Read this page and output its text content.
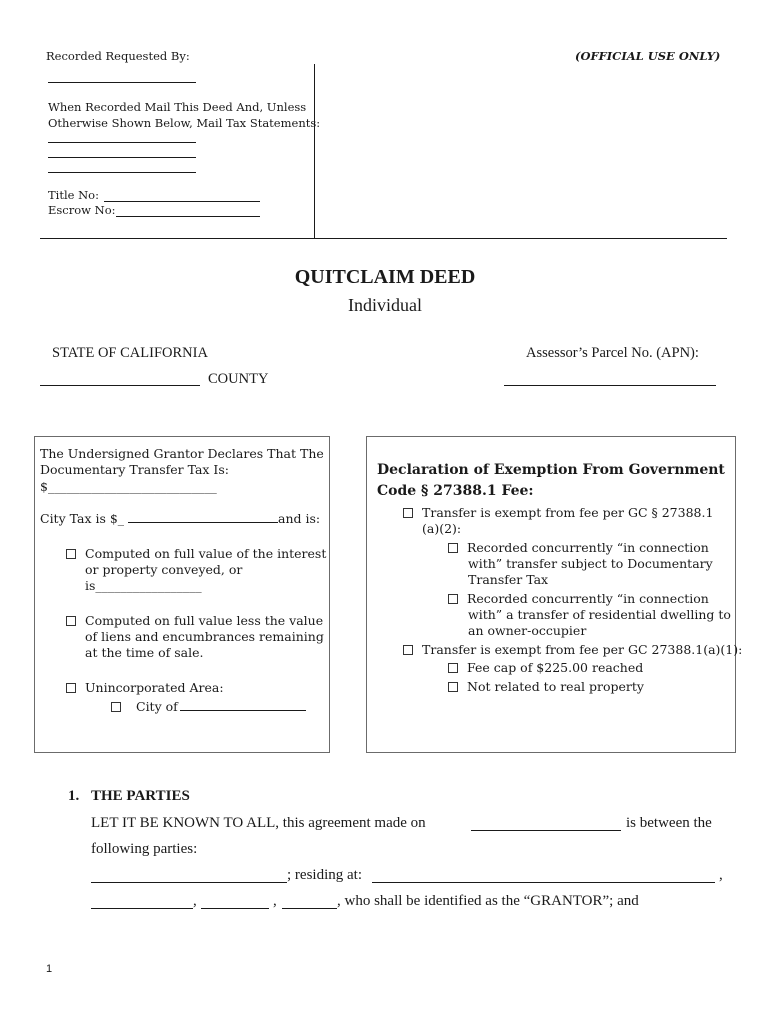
Recorded Requested By:	(OFFICIAL USE ONLY)
When Recorded Mail This Deed And, Unless
Otherwise Shown Below, Mail Tax Statements:
Title No:
Escrow No:
QUITCLAIM DEED
Individual
STATE OF CALIFORNIA	Assessor’s Parcel No. (APN):
COUNTY
The Undersigned Grantor Declares That The
Documentary Transfer Tax Is:
$___________________________
City Tax is $_	and is:
Computed on full value of the interest
or property conveyed, or
is_________________
Computed on full value less the value
of liens and encumbrances remaining
at the time of sale.
Unincorporated Area:
City of
Declaration of Exemption From Government
Code § 27388.1 Fee:
Transfer is exempt from fee per GC § 27388.1
(a)(2):
Recorded concurrently “in connection
with” transfer subject to Documentary
Transfer Tax
Recorded concurrently “in connection
with” a transfer of residential dwelling to
an owner-occupier
Transfer is exempt from fee per GC 27388.1(a)(1):
Fee cap of $225.00 reached
Not related to real property
1. THE PARTIES
LET IT BE KNOWN TO ALL, this agreement made on	is between the
following parties:
; residing at:	,
,	,	, who shall be identified as the “GRANTOR”; and
1
